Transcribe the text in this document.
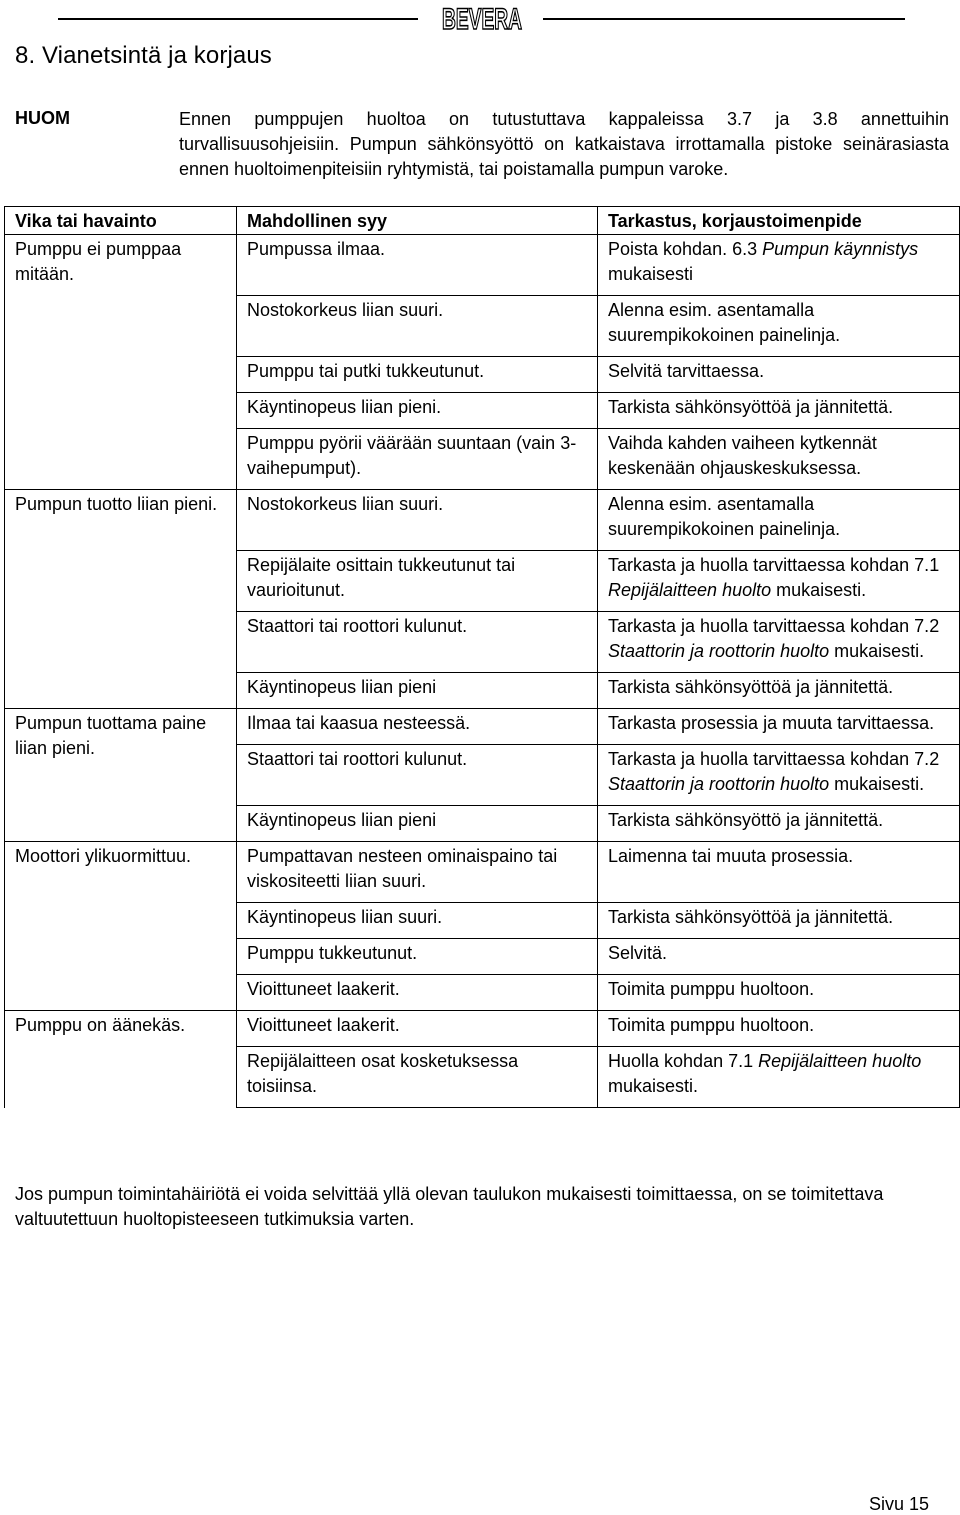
BEVERA
8. Vianetsintä ja korjaus
HUOM	Ennen pumppujen huoltoa on tutustuttava kappaleissa 3.7 ja 3.8 annettuihin turvallisuusohjeisiin. Pumpun sähkönsyöttö on katkaistava irrottamalla pistoke seinärasiasta ennen huoltoimenpiteisiin ryhtymistä, tai poistamalla pumpun varoke.

Vika tai havainto	Mahdollinen syy	Tarkastus, korjaustoimenpide
Pumppu ei pumppaa mitään.	Pumpussa ilmaa.	Poista kohdan. 6.3 Pumpun käynnistys mukaisesti
	Nostokorkeus liian suuri.	Alenna esim. asentamalla suurempikokoinen painelinja.
	Pumppu tai putki tukkeutunut.	Selvitä tarvittaessa.
	Käyntinopeus liian pieni.	Tarkista sähkönsyöttöä ja jännitettä.
	Pumppu pyörii väärään suuntaan (vain 3-vaihepumput).	Vaihda kahden vaiheen kytkennät keskenään ohjauskeskuksessa.
Pumpun tuotto liian pieni.	Nostokorkeus liian suuri.	Alenna esim. asentamalla suurempikokoinen painelinja.
	Repijälaite osittain tukkeutunut tai vaurioitunut.	Tarkasta ja huolla tarvittaessa kohdan 7.1 Repijälaitteen huolto mukaisesti.
	Staattori tai roottori kulunut.	Tarkasta ja huolla tarvittaessa kohdan 7.2 Staattorin ja roottorin huolto mukaisesti.
	Käyntinopeus liian pieni	Tarkista sähkönsyöttöä ja jännitettä.
Pumpun tuottama paine liian pieni.	Ilmaa tai kaasua nesteessä.	Tarkasta prosessia ja muuta tarvittaessa.
	Staattori tai roottori kulunut.	Tarkasta ja huolla tarvittaessa kohdan 7.2 Staattorin ja roottorin huolto mukaisesti.
	Käyntinopeus liian pieni	Tarkista sähkönsyöttö ja jännitettä.
Moottori ylikuormittuu.	Pumpattavan nesteen ominaispaino tai viskositeetti liian suuri.	Laimenna tai muuta prosessia.
	Käyntinopeus liian suuri.	Tarkista sähkönsyöttöä ja jännitettä.
	Pumppu tukkeutunut.	Selvitä.
	Vioittuneet laakerit.	Toimita pumppu huoltoon.
Pumppu on äänekäs.	Vioittuneet laakerit.	Toimita pumppu huoltoon.
	Repijälaitteen osat kosketuksessa toisiinsa.	Huolla kohdan 7.1 Repijälaitteen huolto mukaisesti.

Jos pumpun toimintahäiriötä ei voida selvittää yllä olevan taulukon mukaisesti toimittaessa, on se toimitettava valtuutettuun huoltopisteeseen tutkimuksia varten.

Sivu 15
